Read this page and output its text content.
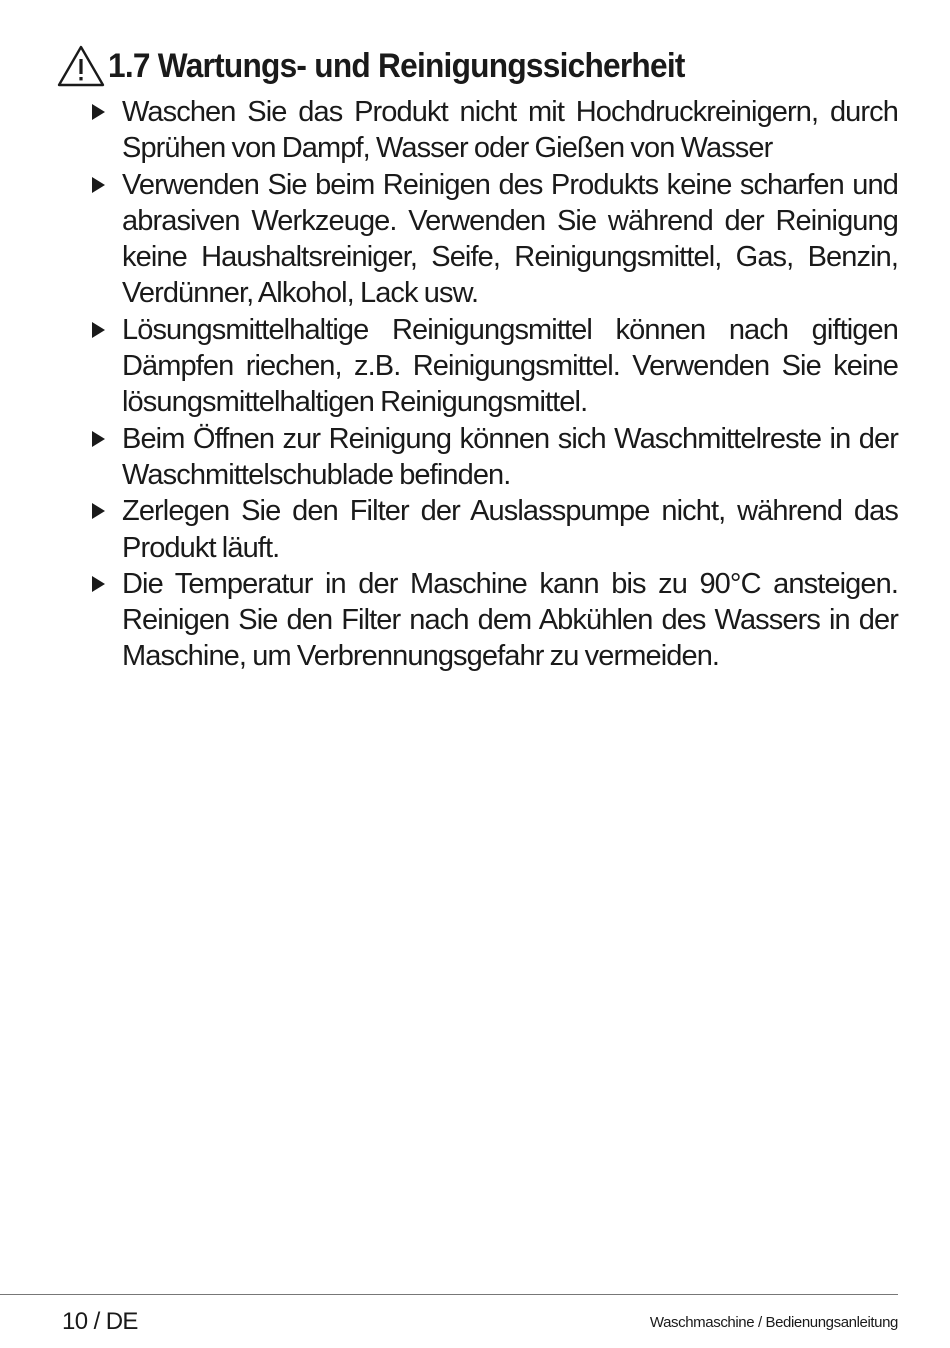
1.7 Wartungs- und Reinigungssicherheit
Waschen Sie das Produkt nicht mit Hochdruckreinigern, durch Sprühen von Dampf, Wasser oder Gießen von Wasser
Verwenden Sie beim Reinigen des Produkts keine scharfen und abrasiven Werkzeuge. Verwenden Sie während der Reinigung keine Haushaltsreiniger, Seife, Reinigungsmittel, Gas, Benzin, Verdünner, Alkohol, Lack usw.
Lösungsmittelhaltige Reinigungsmittel können nach giftigen Dämpfen riechen, z.B. Reinigungsmittel. Verwenden Sie keine lösungsmittelhaltigen Reinigungsmittel.
Beim Öffnen zur Reinigung können sich Waschmittelreste in der Waschmittelschublade befinden.
Zerlegen Sie den Filter der Auslasspumpe nicht, während das Produkt läuft.
Die Temperatur in der Maschine kann bis zu 90°C ansteigen. Reinigen Sie den Filter nach dem Abkühlen des Wassers in der Maschine, um Verbrennungsgefahr zu vermeiden.
10 / DE	Waschmaschine / Bedienungsanleitung
